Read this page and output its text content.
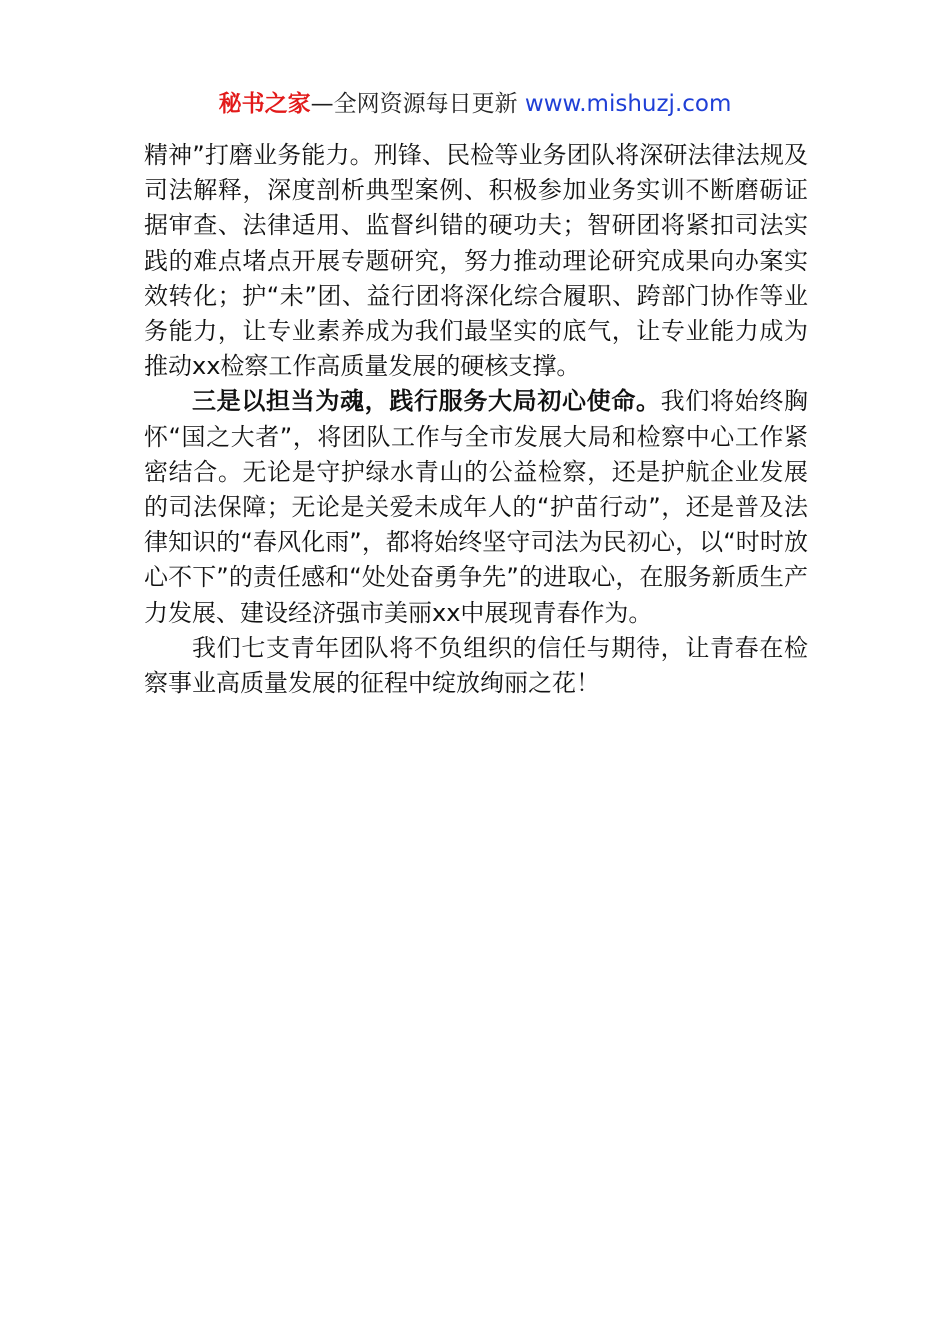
秘书之家—全网资源每日更新 www.mishuzj.com

精神”打磨业务能力。刑锋、民检等业务团队将深研法律法规及司法解释，深度剖析典型案例、积极参加业务实训不断磨砺证据审查、法律适用、监督纠错的硬功夫；智研团将紧扣司法实践的难点堵点开展专题研究，努力推动理论研究成果向办案实效转化；护“未”团、益行团将深化综合履职、跨部门协作等业务能力，让专业素养成为我们最坚实的底气，让专业能力成为推动xx检察工作高质量发展的硬核支撑。

三是以担当为魂，践行服务大局初心使命。我们将始终胸怀“国之大者”，将团队工作与全市发展大局和检察中心工作紧密结合。无论是守护绿水青山的公益检察，还是护航企业发展的司法保障；无论是关爱未成年人的“护苗行动”，还是普及法律知识的“春风化雨”，都将始终坚守司法为民初心，以“时时放心不下”的责任感和“处处奋勇争先”的进取心，在服务新质生产力发展、建设经济强市美丽xx中展现青春作为。

我们七支青年团队将不负组织的信任与期待，让青春在检察事业高质量发展的征程中绽放绚丽之花！
